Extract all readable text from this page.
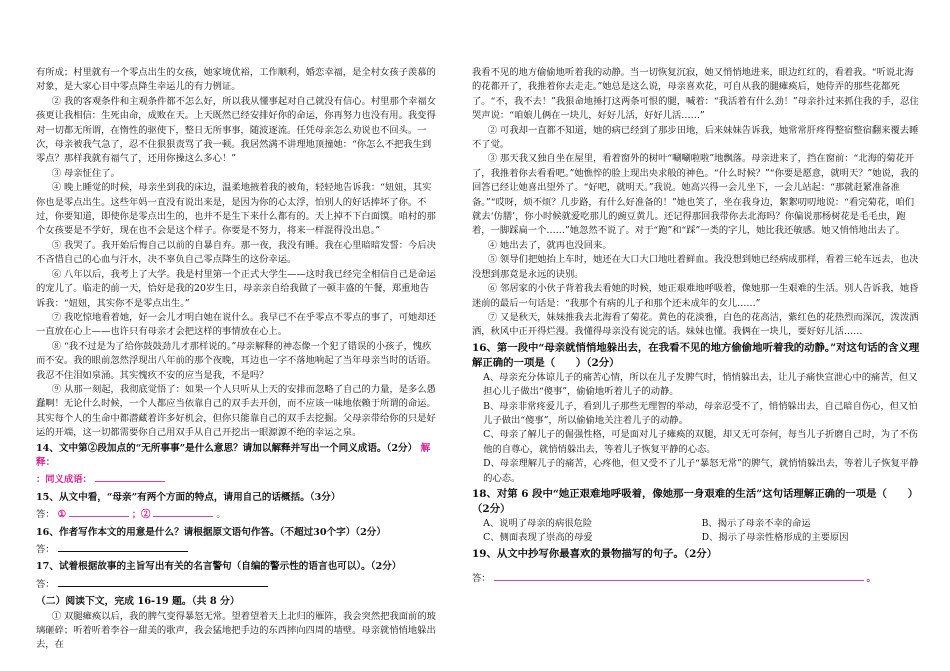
有所成；村里就有一个零点出生的女孩，她家境优裕，工作顺利，婚恋幸福，是全村女孩子羡慕的对象，是大家心目中零点降生幸运儿的有力例证。

② 我的客观条件和主观条件都不怎么好，所以我从懂事起对自己就没有信心。村里那个幸福女孩更让我相信：生死由命，成败在天。上天既然已经安排好你的命运，你再努力也没有用。我变得对一切都无所谓，在惰性的驱使下，整日无所事事，随波逐流。任凭母亲怎么劝说也不回头。一次，母亲被我气急了，忍不住狠狠责骂了我一顿。我居然满不讲理地顶撞她：“你怎么不把我生到零点？那样我就有福气了，还用你操这么多心！”

③ 母亲怔住了。

④ 晚上睡觉的时候，母亲坐到我的床边，温柔地掖着我的被角，轻轻地告诉我：“妞妞，其实你也是零点出生。这些年妈一直没有说出来是，是因为你的心太浮，怕别人的好话捧坏了你。不过，你要知道，即使你是零点出生的，也并不是生下来什么都有的。天上掉不下白面馍。咱村的那个女孩要是不学好，现在也不会是这个样子。你要是不努力，将来一样混得没出息。”

⑤ 我哭了。我开始后悔自己以前的自暴自弃。那一夜，我没有睡。我在心里暗暗发誓：今后决不吝惜自己的心血与汗水，决不辜负自己零点降生的这份幸运。

⑥ 八年以后，我考上了大学。我是村里第一个正式大学生——这时我已经完全相信自己是命运的宠儿了。临走的前一天，恰好是我的20岁生日，母亲亲自给我做了一顿丰盛的午餐，郑重地告诉我：“妞妞，其实你不是零点出生。”

⑦ 我吃惊地看着她，好一会儿才明白她在说什么。我早已不在乎零点不零点的事了，可她却还一直放在心上——也许只有母亲才会把这样的事情放在心上。

⑧ “我不过是为了给你鼓鼓劲儿才那样说的。”母亲解释的神态像一个犯了错误的小孩子，愧疚而不安。我的眼前忽然浮现出八年前的那个夜晚，耳边也一字不落地响起了当年母亲当时的话语。我忍不住泪如泉涌。其实愧疚不安的应当是我，不是吗？

⑨ 从那一刻起，我彻底觉悟了：如果一个人只听从上天的安排而忽略了自己的力量，是多么愚蠢啊！无论什么时候，一个人都应当依靠自己的双手去开创，而不应该一味地依赖于所谓的命运。其实每个人的生命中都潜藏着许多好机会，但你只能靠自己的双手去挖掘。父母亲带给你的只是好运的开端，这一切都需要你自己用双手从自己开挖出一眼源源不绝的幸运之泉。

14、文中第②段加点的“无所事事”是什么意思？请加以解释并写出一个同义成语。（2分） 解释：

：同义成语：

15、从文中看，“母亲”有两个方面的特点，请用自己的话概括。（3分）

答： ①	；②	。

16、作者写作本文的用意是什么？请根据原文语句作答。（不超过30个字）（2分）

答：

17、试着根据故事的主旨写出有关的名言警句（自编的警示性的语言也可以）。（2分）

答：

（二）阅读下文，完成 16-19 题。（共 8 分）

① 双腿瘫痪以后，我的脾气变得暴怒无常。望着望着天上北归的雁阵，我会突然把我面前的玻璃砸碎；听着听着李谷一甜美的歌声，我会猛地把手边的东西摔向四周的墙壁。母亲就悄悄地躲出去，在

我看不见的地方偷偷地听着我的动静。当一切恢复沉寂，她又悄悄地进来，眼边红红的，看着我。“听说北海的花都开了，我推着你去走走。”她总是这么说，母亲喜欢花，可自从我的腿瘫痪后，她侍弄的那些花都死了。“不，我不去！”我狠命地捶打这两条可恨的腿，喊着：“我活着有什么劲！”母亲扑过来抓住我的手，忍住哭声说：“咱娘儿俩在一块儿，好好儿活，好好儿活……”

② 可我却一直都不知道，她的病已经到了那步田地，后来妹妹告诉我，她常常肝疼得整宿整宿翻来覆去睡不了觉。

③ 那天我又独自坐在屋里，看着窗外的树叶“唰唰啦啦”地飘落。母亲进来了，挡在窗前：“北海的菊花开了，我推着你去看看吧。”她憔悴的脸上现出央求般的神色。“什么时候？”“你要是愿意，就明天？”她说，我的回答已经让她喜出望外了。“好吧，就明天。”我说。她高兴得一会儿坐下，一会儿站起：“那就赶紧准备准备。”“哎呀，烦不烦？几步路，有什么好准备的！”她也笑了，坐在我身边，絮絮叨叨地说：“看完菊花，咱们就去‘仿膳’，你小时候就爱吃那儿的豌豆黄儿。还记得那回我带你去北海吗？你偏说那杨树花是毛毛虫，跑着，一脚踩扁一个……”她忽然不说了。对于“跑”和“踩”一类的字儿，她比我还敏感。她又悄悄地出去了。

④ 她出去了，就再也没回来。

⑤ 领导们把她抬上车时，她还在大口大口地吐着鲜血。我没想到她已经病成那样，看着三轮车远去，也决没想到那竟是永远的诀别。

⑥ 邻居家的小伙子背着我去看她的时候，她正艰难地呼吸着，像她那一生艰难的生活。别人告诉我，她昏迷前的最后一句话是：“我那个有病的儿子和那个还未成年的女儿……”

⑦ 又是秋天，妹妹推我去北海看了菊花。黄色的花淡雅，白色的花高洁，紫红色的花热烈而深沉，泼泼洒洒，秋风中正开得烂漫。我懂得母亲没有说完的话。妹妹也懂。我俩在一块儿，要好好儿活……

16、第一段中“母亲就悄悄地躲出去，在我看不见的地方偷偷地听着我的动静。”对这句话的含义理解正确的一项是（　　）（2分）

A、母亲充分体谅儿子的痛苦心情，所以在儿子发脾气时，悄悄躲出去，让儿子痛快宣泄心中的痛苦，但又担心儿子做出“傻事”，偷偷地听着儿子的动静。

B、母亲非常疼爱儿子，看到儿子那些无理智的举动，母亲忍受不了，悄悄躲出去，自己暗自伤心，但又怕儿子做出“傻事”，所以偷偷地关注着儿子的动静。

C、母亲了解儿子的倔强性格，可是面对儿子瘫痪的双腿，却又无可奈何，每当儿子折磨自己时，为了不伤他的自尊心，就悄悄躲出去，等着儿子恢复平静的心态。

D、母亲理解儿子的痛苦，心疼他，但又受不了儿子“暴怒无常”的脾气，就悄悄躲出去，等着儿子恢复平静的心态。

18、对第 6 段中“她正艰难地呼吸着，像她那一身艰难的生活”这句话理解正确的一项是（　　）（2分）

A、说明了母亲的病很危险	B、揭示了母亲不幸的命运

C、侧面表现了崇高的母爱	D、揭示了母亲性格形成的主要原因

19、从文中抄写你最喜欢的景物描写的句子。（2分）

答：	。
